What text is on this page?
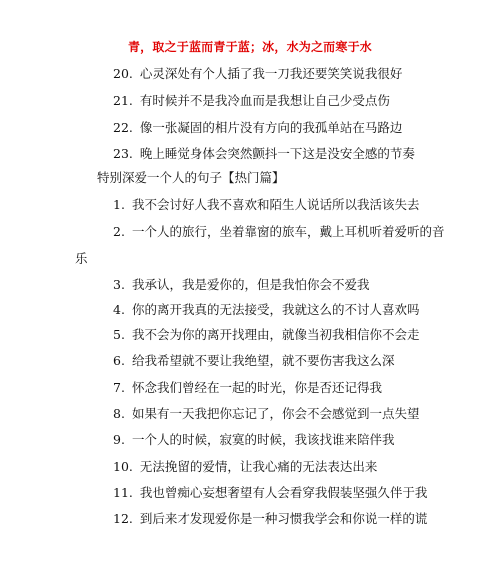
青，取之于蓝而青于蓝；冰，水为之而寒于水
20. 心灵深处有个人插了我一刀我还要笑笑说我很好
21. 有时候并不是我冷血而是我想让自己少受点伤
22. 像一张凝固的相片没有方向的我孤单站在马路边
23. 晚上睡觉身体会突然颤抖一下这是没安全感的节奏
特别深爱一个人的句子【热门篇】
1. 我不会讨好人我不喜欢和陌生人说话所以我活该失去
2. 一个人的旅行，坐着靠窗的旅车，戴上耳机听着爱听的音
乐
3. 我承认，我是爱你的，但是我怕你会不爱我
4. 你的离开我真的无法接受，我就这么的不讨人喜欢吗
5. 我不会为你的离开找理由，就像当初我相信你不会走
6. 给我希望就不要让我绝望，就不要伤害我这么深
7. 怀念我们曾经在一起的时光，你是否还记得我
8. 如果有一天我把你忘记了，你会不会感觉到一点失望
9. 一个人的时候，寂寞的时候，我该找谁来陪伴我
10. 无法挽留的爱情，让我心痛的无法表达出来
11. 我也曾痴心妄想奢望有人会看穿我假装坚强久伴于我
12. 到后来才发现爱你是一种习惯我学会和你说一样的谎
